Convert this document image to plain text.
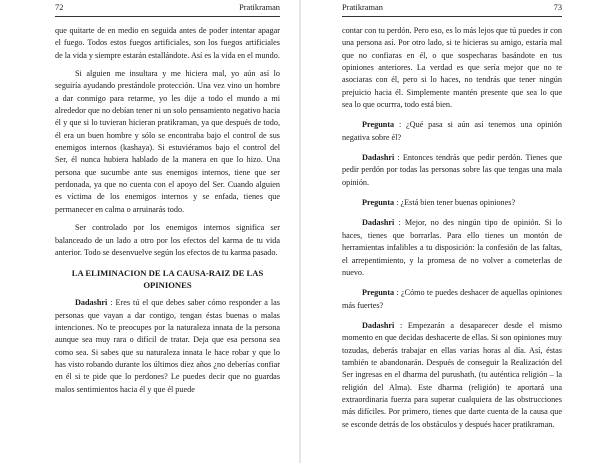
72	Pratikraman

que quitarte de en medio en seguida antes de poder intentar apagar el fuego. Todos estos fuegos artificiales, son los fuegos artificiales de la vida y siempre estarán estallándote. Así es la vida en el mundo.

Si alguien me insultara y me hiciera mal, yo aún así lo seguiría ayudando prestándole protección. Una vez vino un hombre a dar conmigo para retarme, yo les dije a todo el mundo a mi alrededor que no debían tener ni un solo pensamiento negativo hacia él y que si lo tuvieran hicieran pratikraman, ya que después de todo, él era un buen hombre y sólo se encontraba bajo el control de sus enemigos internos (kashaya). Si estuviéramos bajo el control del Ser, él nunca hubiera hablado de la manera en que lo hizo. Una persona que sucumbe ante sus enemigos internos, tiene que ser perdonada, ya que no cuenta con el apoyo del Ser. Cuando alguien es víctima de los enemigos internos y se enfada, tienes que permanecer en calma o arruinarás todo.

Ser controlado por los enemigos internos significa ser balanceado de un lado a otro por los efectos del karma de tu vida anterior. Todo se desenvuelve según los efectos de tu karma pasado.

LA ELIMINACION DE LA CAUSA-RAIZ DE LAS OPINIONES

Dadashri : Eres tú el que debes saber cómo responder a las personas que vayan a dar contigo, tengan éstas buenas o malas intenciones. No te preocupes por la naturaleza innata de la persona aunque sea muy rara o difícil de tratar. Deja que esa persona sea como sea. Si sabes que su naturaleza innata le hace robar y que lo has visto robando durante los últimos diez años ¿no deberías confiar en él si te pide que lo perdones? Le puedes decir que no guardas malos sentimientos hacia él y que él puede

Pratikraman	73

contar con tu perdón. Pero eso, es lo más lejos que tú puedes ir con una persona así. Por otro lado, si te hicieras su amigo, estaría mal que no confiaras en él, o que sospecharas basándote en tus opiniones anteriores. La verdad es que sería mejor que no te asociaras con él, pero si lo haces, no tendrás que tener ningún prejuicio hacia él. Simplemente mantén presente que sea lo que sea lo que ocurrra, todo está bien.

Pregunta : ¿Qué pasa si aún así tenemos una opinión negativa sobre él?

Dadashri : Entonces tendrás que pedir perdón. Tienes que pedir perdón por todas las personas sobre las que tengas una mala opinión.

Pregunta : ¿Está bien tener buenas opiniones?

Dadashri : Mejor, no des ningún tipo de opinión. Si lo haces, tienes que borrarlas. Para ello tienes un montón de herramientas infalibles a tu disposición: la confesión de las faltas, el arrepentimiento, y la promesa de no volver a cometerlas de nuevo.

Pregunta : ¿Cómo te puedes deshacer de aquellas opiniones más fuertes?

Dadashri : Empezarán a desaparecer desde el mismo momento en que decidas deshacerte de ellas. Si son opiniones muy tozudas, deberás trabajar en ellas varias horas al día. Así, éstas también te abandonarán. Después de conseguir la Realización del Ser ingresas en el dharma del purushath, (tu auténtica religión – la religión del Alma). Este dharma (religión) te aportará una extraordinaria fuerza para superar cualquiera de las obstrucciones más difíciles. Por primero, tienes que darte cuenta de la causa que se esconde detrás de los obstáculos y después hacer pratikraman.
